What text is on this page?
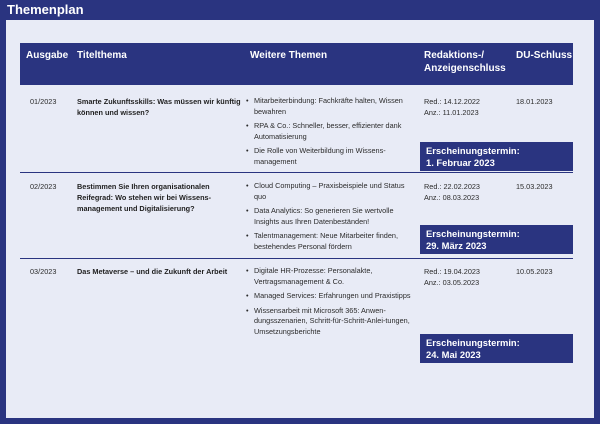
Themenplan
Ausgabe Titelthema	Weitere Themen	Redaktions-/
Anzeigenschluss
DU-Schluss
01/2023	Smarte Zukunftsskills: Was müssen wir künftig können und wissen?
• Mitarbeiterbindung: Fachkräfte halten, Wissen bewahren
• RPA & Co.: Schneller, besser, effizienter dank Automatisierung
• Die Rolle von Weiterbildung im Wissens-management
Red.: 14.12.2022
Anz.: 11.01.2023
18.01.2023
Erscheinungstermin:
1. Februar 2023
02/2023	Bestimmen Sie Ihren organisationalen Reifegrad: Wo stehen wir bei Wissens-management und Digitalisierung?
• Cloud Computing – Praxisbeispiele und Status quo
• Data Analytics: So generieren Sie wertvolle Insights aus Ihren Datenbeständen!
• Talentmanagement: Neue Mitarbeiter finden, bestehendes Personal fördern
Red.: 22.02.2023
Anz.: 08.03.2023
15.03.2023
Erscheinungstermin:
29. März 2023
03/2023	Das Metaverse – und die Zukunft der Arbeit
•	Digitale HR-Prozesse: Personalakte, Vertragsmanagement & Co.
• Managed Services: Erfahrungen und Praxistipps
• Wissensarbeit mit Microsoft 365: Anwen-dungsszenarien, Schritt-für-Schritt-Anlei-tungen, Umsetzungsberichte
Red.: 19.04.2023
Anz.: 03.05.2023
10.05.2023
Erscheinungstermin:
24. Mai 2023
